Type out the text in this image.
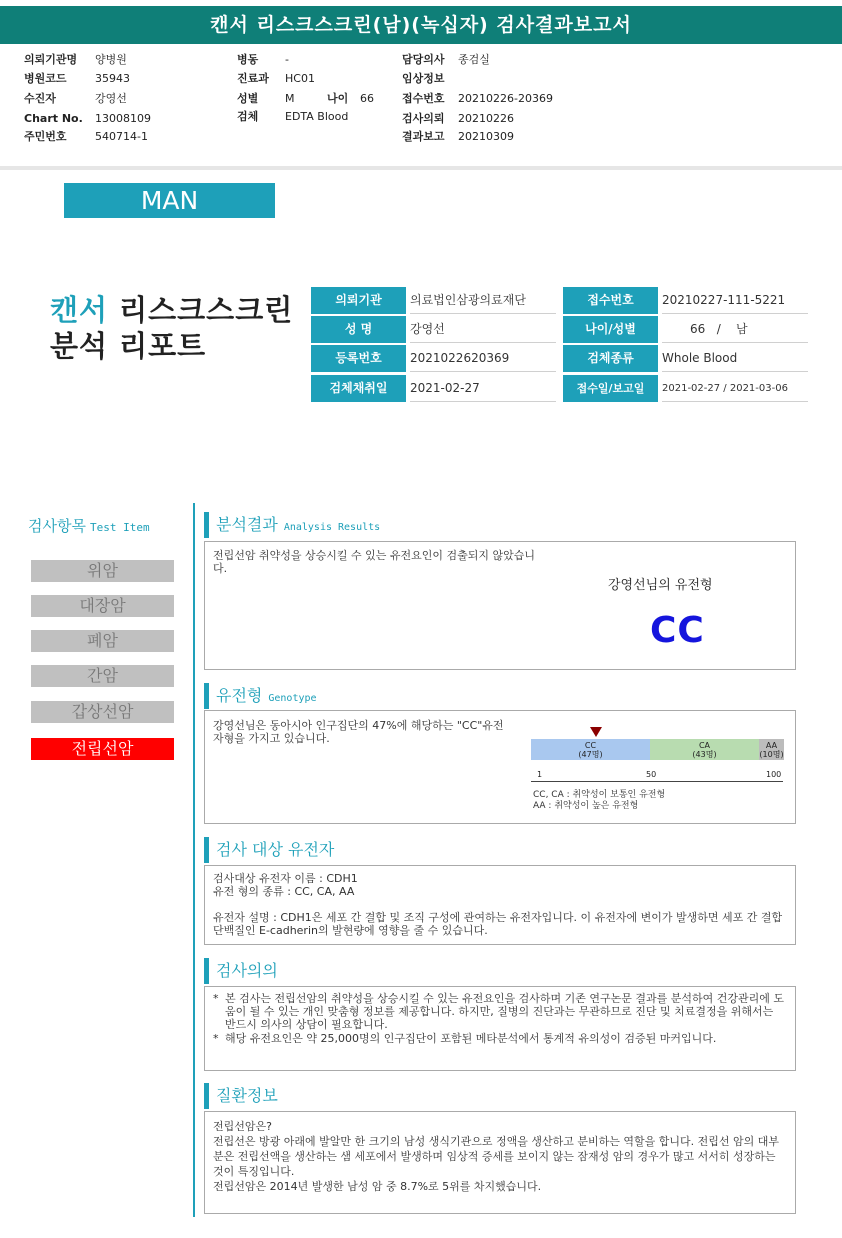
캔서 리스크스크린(남)(녹십자) 검사결과보고서
의뢰기관명 양병원
병원코드	35943
수진자	강영선
Chart No. 13008109
주민번호	540714-1
병동 -
진료과 HC01
성별 M	나이 66
검체 EDTA Blood
담당의사 종검실
임상정보
접수번호 20210226-20369
검사의뢰 20210226
결과보고 20210309
MAN
캔서 리스크스크린
분석 리포트
의뢰기관	의료법인삼광의료재단
성 명	강영선
등록번호	2021022620369
검체채취일	2021-02-27
접수번호	20210227-111-5221
나이/성별	66   /    남
검체종류	Whole Blood
접수일/보고일	2021-02-27 / 2021-03-06
검사항목 Test Item
위암
대장암
폐암
간암
갑상선암
전립선암
분석결과 Analysis Results
전립선암 취약성을 상승시킬 수 있는 유전요인이 검출되지 않았습니다.
강영선님의 유전형
CC
유전형 Genotype
강영선님은 동아시아 인구집단의 47%에 해당하는 "CC"유전자형을 가지고 있습니다.
CC
(47명)
CA
(43명)
AA
(10명)
1	50	100
CC, CA : 취약성이 보통인 유전형
AA : 취약성이 높은 유전형
검사 대상 유전자
검사대상 유전자 이름 : CDH1
유전 형의 종류 : CC, CA, AA
유전자 설명 : CDH1은 세포 간 결합 및 조직 구성에 관여하는 유전자입니다. 이 유전자에 변이가 발생하면 세포 간 결합 단백질인 E-cadherin의 발현량에 영향을 줄 수 있습니다.
검사의의
* 본 검사는 전립선암의 취약성을 상승시킬 수 있는 유전요인을 검사하며 기존 연구논문 결과를 분석하여 건강관리에 도움이 될 수 있는 개인 맞춤형 정보를 제공합니다. 하지만, 질병의 진단과는 무관하므로 진단 및 치료결정을 위해서는 반드시 의사의 상담이 필요합니다.
* 해당 유전요인은 약 25,000명의 인구집단이 포함된 메타분석에서 통계적 유의성이 검증된 마커입니다.
질환정보
전립선암은?
전립선은 방광 아래에 발알만 한 크기의 남성 생식기관으로 정액을 생산하고 분비하는 역할을 합니다. 전립선 암의 대부분은 전립선액을 생산하는 샘 세포에서 발생하며 임상적 증세를 보이지 않는 잠재성 암의 경우가 많고 서서히 성장하는 것이 특징입니다.
전립선암은 2014년 발생한 남성 암 중 8.7%로 5위를 차지했습니다.
